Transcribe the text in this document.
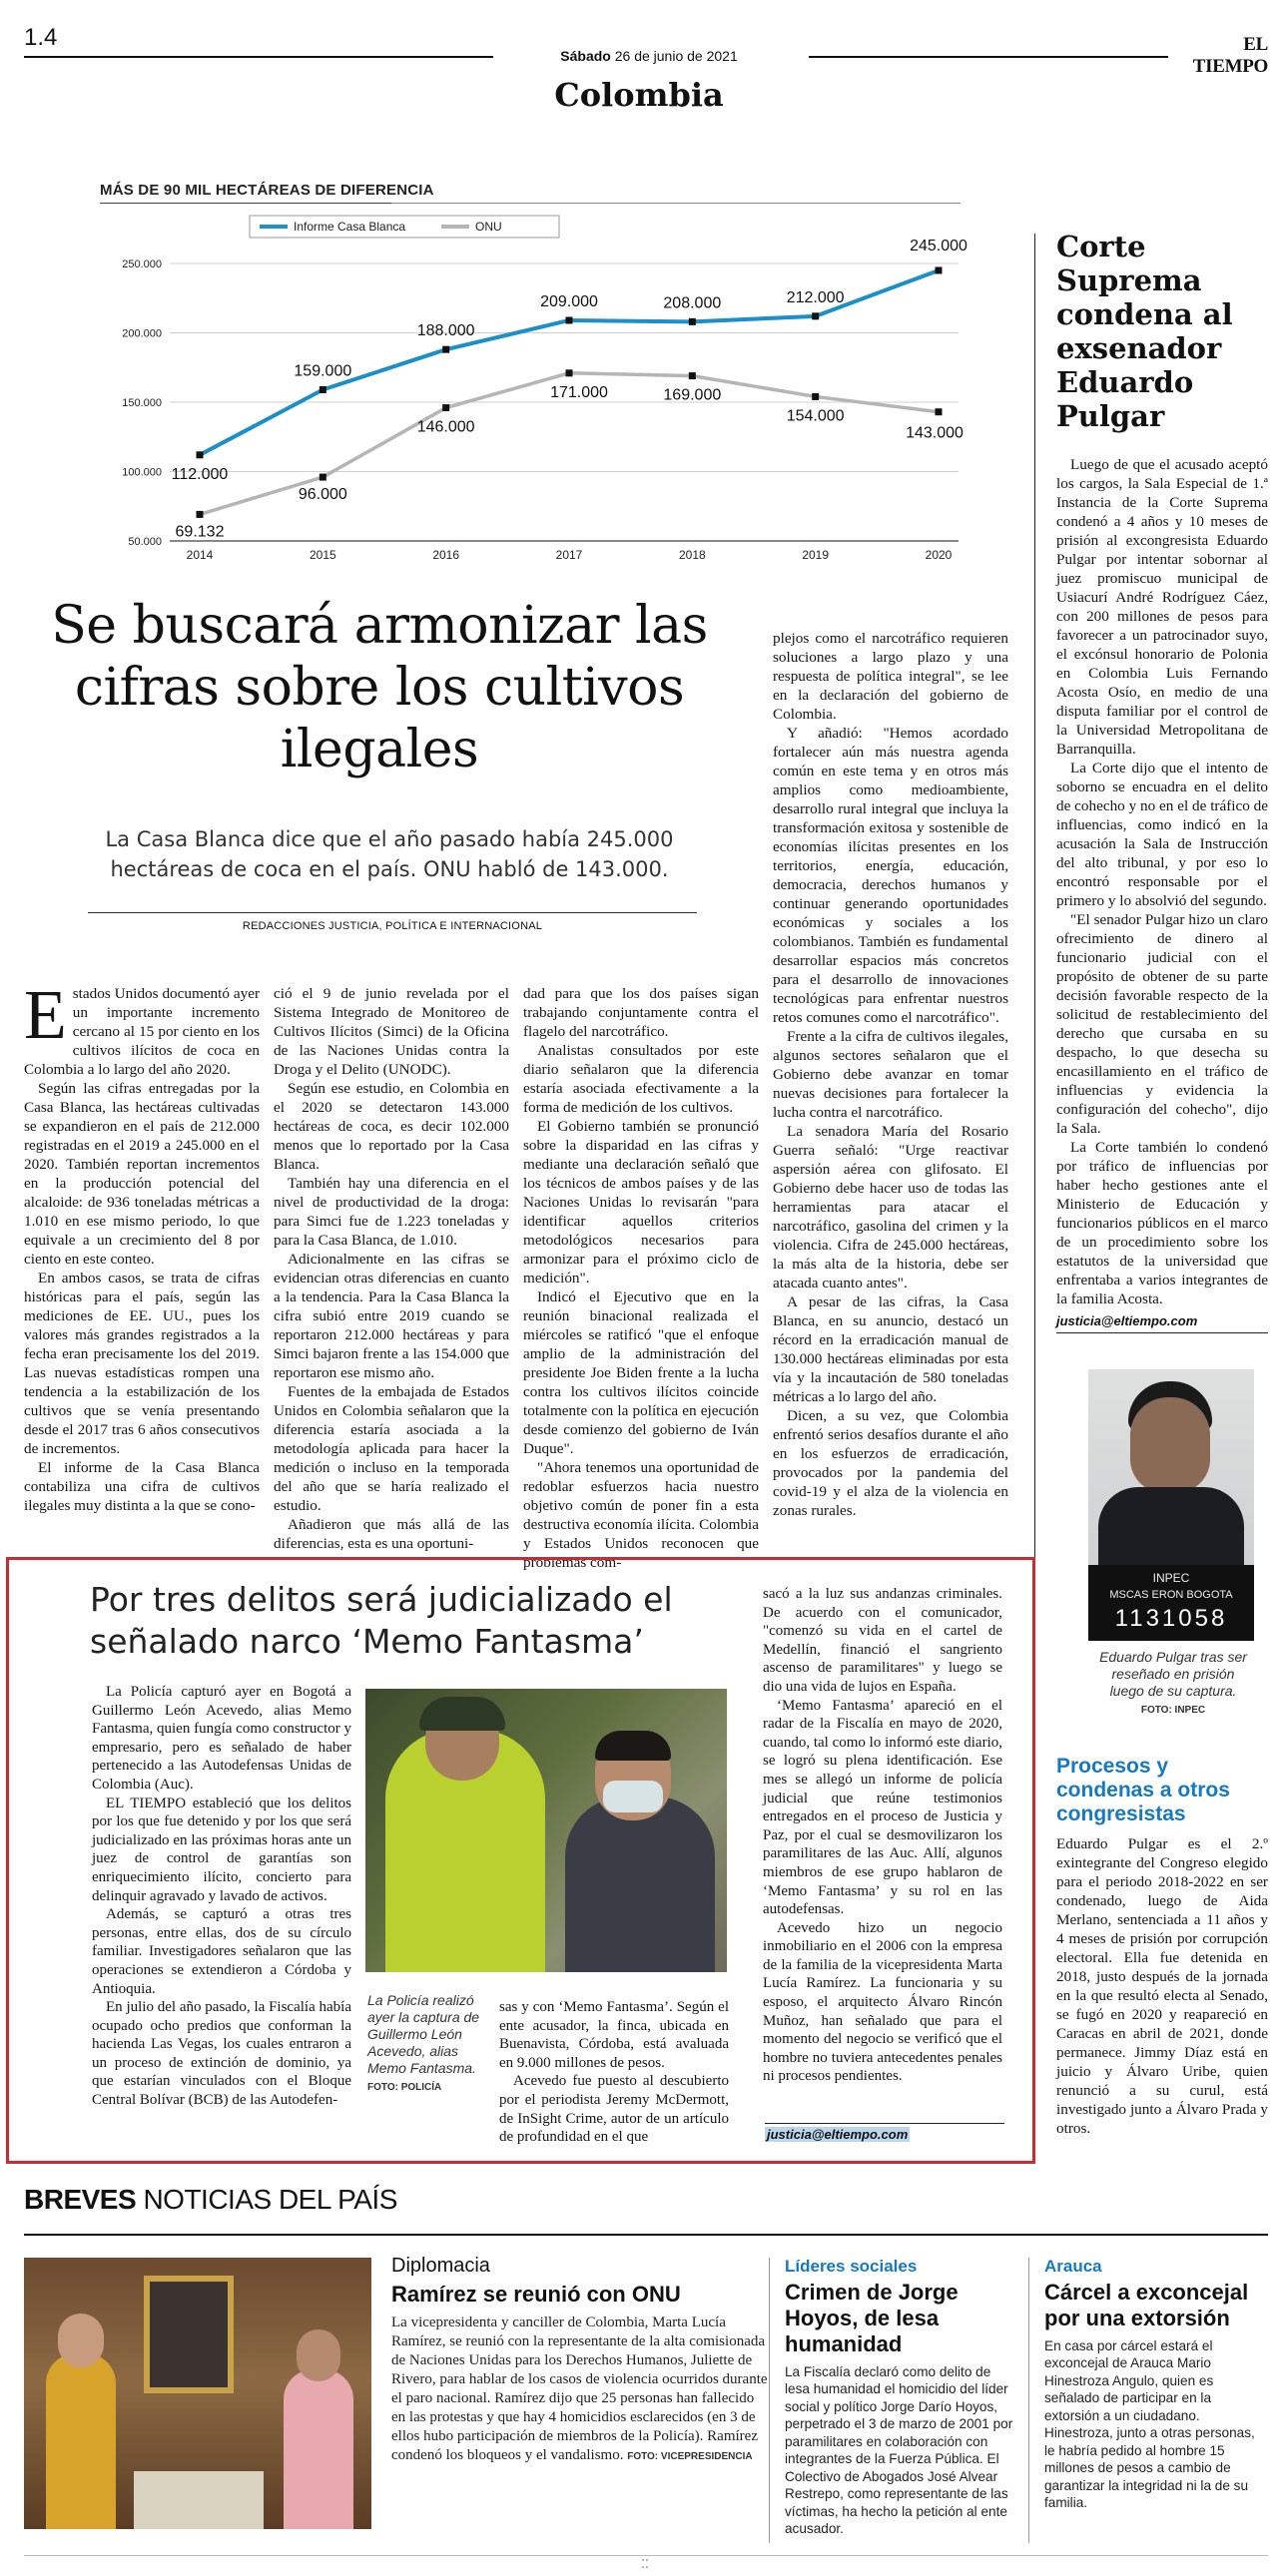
1.4
Sábado 26 de junio de 2021
EL TIEMPO
Colombia
MÁS DE 90 MIL HECTÁREAS DE DIFERENCIA
50.000
100.000
150.000
200.000
250.000
2014	2015	2016	2017	2018	2019	2020
112.000
159.000
188.000
209.000	208.000	212.000
245.000
69.132
96.000
146.000
171.000	169.000
154.000
143.000
Informe Casa Blanca	ONU
Se buscará armonizar las cifras sobre los cultivos ilegales
La Casa Blanca dice que el año pasado había 245.000 hectáreas de coca en el país. ONU habló de 143.000.
REDACCIONES JUSTICIA, POLÍTICA E INTERNACIONAL
E stados Unidos documentó ayer un importante incremento cercano al 15 por ciento en los cultivos ilícitos de coca en Colombia a lo largo del año 2020.

Según las cifras entregadas por la Casa Blanca, las hectáreas cultivadas se expandieron en el país de 212.000 registradas en el 2019 a 245.000 en el 2020. También reportan incrementos en la producción potencial del alcaloide: de 936 toneladas métricas a 1.010 en ese mismo periodo, lo que equivale a un crecimiento del 8 por ciento en este conteo.

En ambos casos, se trata de cifras históricas para el país, según las mediciones de EE. UU., pues los valores más grandes registrados a la fecha eran precisamente los del 2019. Las nuevas estadísticas rompen una tendencia a la estabilización de los cultivos que se venía presentando desde el 2017 tras 6 años consecutivos de incrementos.

El informe de la Casa Blanca contabiliza una cifra de cultivos ilegales muy distinta a la que se cono-

ció el 9 de junio revelada por el Sistema Integrado de Monitoreo de Cultivos Ilícitos (Simci) de la Oficina de las Naciones Unidas contra la Droga y el Delito (UNODC).

Según ese estudio, en Colombia en el 2020 se detectaron 143.000 hectáreas de coca, es decir 102.000 menos que lo reportado por la Casa Blanca.

También hay una diferencia en el nivel de productividad de la droga: para Simci fue de 1.223 toneladas y para la Casa Blanca, de 1.010.

Adicionalmente en las cifras se evidencian otras diferencias en cuanto a la tendencia. Para la Casa Blanca la cifra subió entre 2019 cuando se reportaron 212.000 hectáreas y para Simci bajaron frente a las 154.000 que reportaron ese mismo año.

Fuentes de la embajada de Estados Unidos en Colombia señalaron que la diferencia estaría asociada a la metodología aplicada para hacer la medición o incluso en la temporada del año que se haría realizado el estudio.

Añadieron que más allá de las diferencias, esta es una oportuni-

dad para que los dos países sigan trabajando conjuntamente contra el flagelo del narcotráfico.

Analistas consultados por este diario señalaron que la diferencia estaría asociada efectivamente a la forma de medición de los cultivos.

El Gobierno también se pronunció sobre la disparidad en las cifras y mediante una declaración señaló que los técnicos de ambos países y de las Naciones Unidas lo revisarán "para identificar aquellos criterios metodológicos necesarios para armonizar para el próximo ciclo de medición".

Indicó el Ejecutivo que en la reunión binacional realizada el miércoles se ratificó "que el enfoque amplio de la administración del presidente Joe Biden frente a la lucha contra los cultivos ilícitos coincide totalmente con la política en ejecución desde comienzo del gobierno de Iván Duque".

"Ahora tenemos una oportunidad de redoblar esfuerzos hacia nuestro objetivo común de poner fin a esta destructiva economía ilícita. Colombia y Estados Unidos reconocen que problemas com-

plejos como el narcotráfico requieren soluciones a largo plazo y una respuesta de política integral", se lee en la declaración del gobierno de Colombia.

Y añadió: "Hemos acordado fortalecer aún más nuestra agenda común en este tema y en otros más amplios como medioambiente, desarrollo rural integral que incluya la transformación exitosa y sostenible de economías ilícitas presentes en los territorios, energía, educación, democracia, derechos humanos y continuar generando oportunidades económicas y sociales a los colombianos. También es fundamental desarrollar espacios más concretos para el desarrollo de innovaciones tecnológicas para enfrentar nuestros retos comunes como el narcotráfico".

Frente a la cifra de cultivos ilegales, algunos sectores señalaron que el Gobierno debe avanzar en tomar nuevas decisiones para fortalecer la lucha contra el narcotráfico.

La senadora María del Rosario Guerra señaló: "Urge reactivar aspersión aérea con glifosato. El Gobierno debe hacer uso de todas las herramientas para atacar el narcotráfico, gasolina del crimen y la violencia. Cifra de 245.000 hectáreas, la más alta de la historia, debe ser atacada cuanto antes".

A pesar de las cifras, la Casa Blanca, en su anuncio, destacó un récord en la erradicación manual de 130.000 hectáreas eliminadas por esta vía y la incautación de 580 toneladas métricas a lo largo del año.

Dicen, a su vez, que Colombia enfrentó serios desafíos durante el año en los esfuerzos de erradicación, provocados por la pandemia del covid-19 y el alza de la violencia en zonas rurales.

Corte Suprema condena al exsenador Eduardo Pulgar

Luego de que el acusado aceptó los cargos, la Sala Especial de 1.ª Instancia de la Corte Suprema condenó a 4 años y 10 meses de prisión al excongresista Eduardo Pulgar por intentar sobornar al juez promiscuo municipal de Usiacurí André Rodríguez Cáez, con 200 millones de pesos para favorecer a un patrocinador suyo, el excónsul honorario de Polonia en Colombia Luis Fernando Acosta Osío, en medio de una disputa familiar por el control de la Universidad Metropolitana de Barranquilla.

La Corte dijo que el intento de soborno se encuadra en el delito de cohecho y no en el de tráfico de influencias, como indicó en la acusación la Sala de Instrucción del alto tribunal, y por eso lo encontró responsable por el primero y lo absolvió del segundo.

"El senador Pulgar hizo un claro ofrecimiento de dinero al funcionario judicial con el propósito de obtener de su parte decisión favorable respecto de la solicitud de restablecimiento del derecho que cursaba en su despacho, lo que desecha su encasillamiento en el tráfico de influencias y evidencia la configuración del cohecho", dijo la Sala.

La Corte también lo condenó por tráfico de influencias por haber hecho gestiones ante el Ministerio de Educación y funcionarios públicos en el marco de un procedimiento sobre los estatutos de la universidad que enfrentaba a varios integrantes de la familia Acosta.

justicia@eltiempo.com
INPEC
MSCAS ERON BOGOTA
1131058
Eduardo Pulgar tras ser reseñado en prisión luego de su captura.
FOTO: INPEC
Procesos y condenas a otros congresistas

Eduardo Pulgar es el 2.º exintegrante del Congreso elegido para el periodo 2018-2022 en ser condenado, luego de Aida Merlano, sentenciada a 11 años y 4 meses de prisión por corrupción electoral. Ella fue detenida en 2018, justo después de la jornada en la que resultó electa al Senado, se fugó en 2020 y reapareció en Caracas en abril de 2021, donde permanece. Jimmy Díaz está en juicio y Álvaro Uribe, quien renunció a su curul, está investigado junto a Álvaro Prada y otros.

Por tres delitos será judicializado el señalado narco ‘Memo Fantasma’

La Policía capturó ayer en Bogotá a Guillermo León Acevedo, alias Memo Fantasma, quien fungía como constructor y empresario, pero es señalado de haber pertenecido a las Autodefensas Unidas de Colombia (Auc).

EL TIEMPO estableció que los delitos por los que fue detenido y por los que será judicializado en las próximas horas ante un juez de control de garantías son enriquecimiento ilícito, concierto para delinquir agravado y lavado de activos.

Además, se capturó a otras tres personas, entre ellas, dos de su círculo familiar. Investigadores señalaron que las operaciones se extendieron a Córdoba y Antioquia.

En julio del año pasado, la Fiscalía había ocupado ocho predios que conforman la hacienda Las Vegas, los cuales entraron a un proceso de extinción de dominio, ya que estarían vinculados con el Bloque Central Bolívar (BCB) de las Autodefen-

La Policía realizó ayer la captura de Guillermo León Acevedo, alias Memo Fantasma.
FOTO: POLICÍA

sas y con ‘Memo Fantasma’. Según el ente acusador, la finca, ubicada en Buenavista, Córdoba, está avaluada en 9.000 millones de pesos.

Acevedo fue puesto al descubierto por el periodista Jeremy McDermott, de InSight Crime, autor de un artículo de profundidad en el que

sacó a la luz sus andanzas criminales. De acuerdo con el comunicador, "comenzó su vida en el cartel de Medellín, financió el sangriento ascenso de paramilitares" y luego se dio una vida de lujos en España.

‘Memo Fantasma’ apareció en el radar de la Fiscalía en mayo de 2020, cuando, tal como lo informó este diario, se logró su plena identificación. Ese mes se allegó un informe de policía judicial que reúne testimonios entregados en el proceso de Justicia y Paz, por el cual se desmovilizaron los paramilitares de las Auc. Allí, algunos miembros de ese grupo hablaron de ‘Memo Fantasma’ y su rol en las autodefensas.

Acevedo hizo un negocio inmobiliario en el 2006 con la empresa de la familia de la vicepresidenta Marta Lucía Ramírez. La funcionaria y su esposo, el arquitecto Álvaro Rincón Muñoz, han señalado que para el momento del negocio se verificó que el hombre no tuviera antecedentes penales ni procesos pendientes.

justicia@eltiempo.com
BREVES NOTICIAS DEL PAÍS
Diplomacia
Ramírez se reunió con ONU
La vicepresidenta y canciller de Colombia, Marta Lucía Ramírez, se reunió con la representante de la alta comisionada de Naciones Unidas para los Derechos Humanos, Juliette de Rivero, para hablar de los casos de violencia ocurridos durante el paro nacional. Ramírez dijo que 25 personas han fallecido en las protestas y que hay 4 homicidios esclarecidos (en 3 de ellos hubo participación de miembros de la Policía). Ramírez condenó los bloqueos y el vandalismo. FOTO: VICEPRESIDENCIA
Líderes sociales
Crimen de Jorge Hoyos, de lesa humanidad
La Fiscalía declaró como delito de lesa humanidad el homicidio del líder social y político Jorge Darío Hoyos, perpetrado el 3 de marzo de 2001 por paramilitares en colaboración con integrantes de la Fuerza Pública. El Colectivo de Abogados José Alvear Restrepo, como representante de las víctimas, ha hecho la petición al ente acusador.
Arauca
Cárcel a exconcejal por una extorsión
En casa por cárcel estará el exconcejal de Arauca Mario Hinestroza Angulo, quien es señalado de participar en la extorsión a un ciudadano. Hinestroza, junto a otras personas, le habría pedido al hombre 15 millones de pesos a cambio de garantizar la integridad ni la de su familia.
⁚⁚
